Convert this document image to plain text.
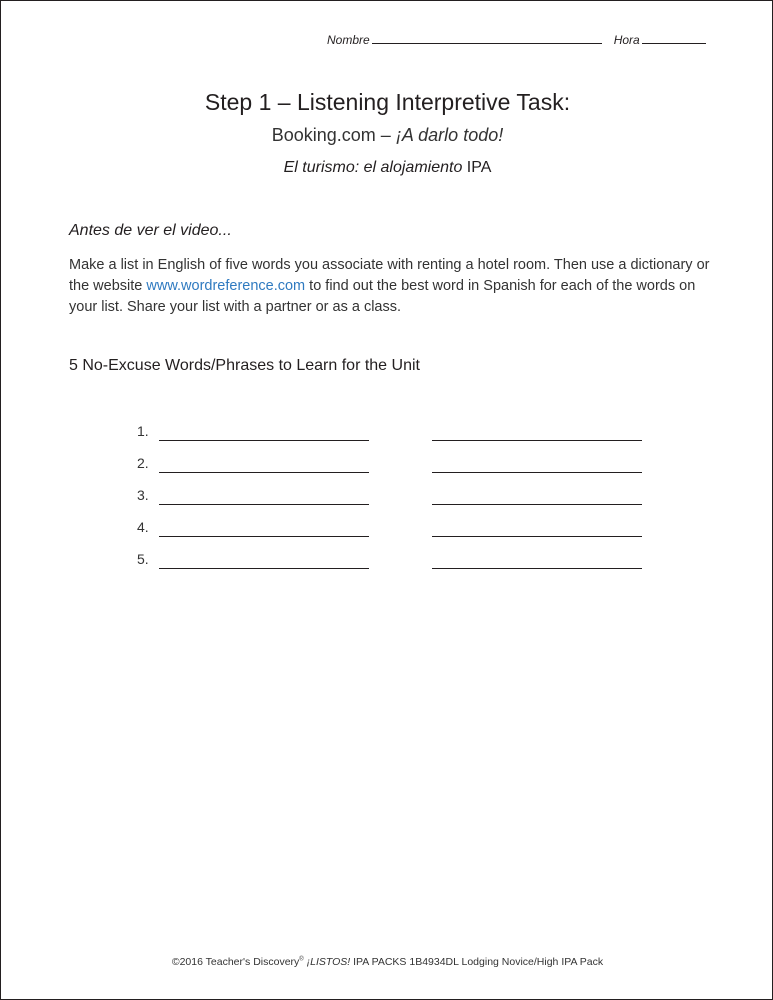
Nombre	Hora
Step 1 – Listening Interpretive Task:
Booking.com – ¡A darlo todo!
El turismo: el alojamiento IPA
Antes de ver el video...
Make a list in English of five words you associate with renting a hotel room. Then use a dictionary or the website www.wordreference.com to find out the best word in Spanish for each of the words on your list. Share your list with a partner or as a class.
5 No-Excuse Words/Phrases to Learn for the Unit
1.
2.
3.
4.
5.
©2016 Teacher's Discovery® ¡LISTOS! IPA PACKS 1B4934DL Lodging Novice/High IPA Pack
